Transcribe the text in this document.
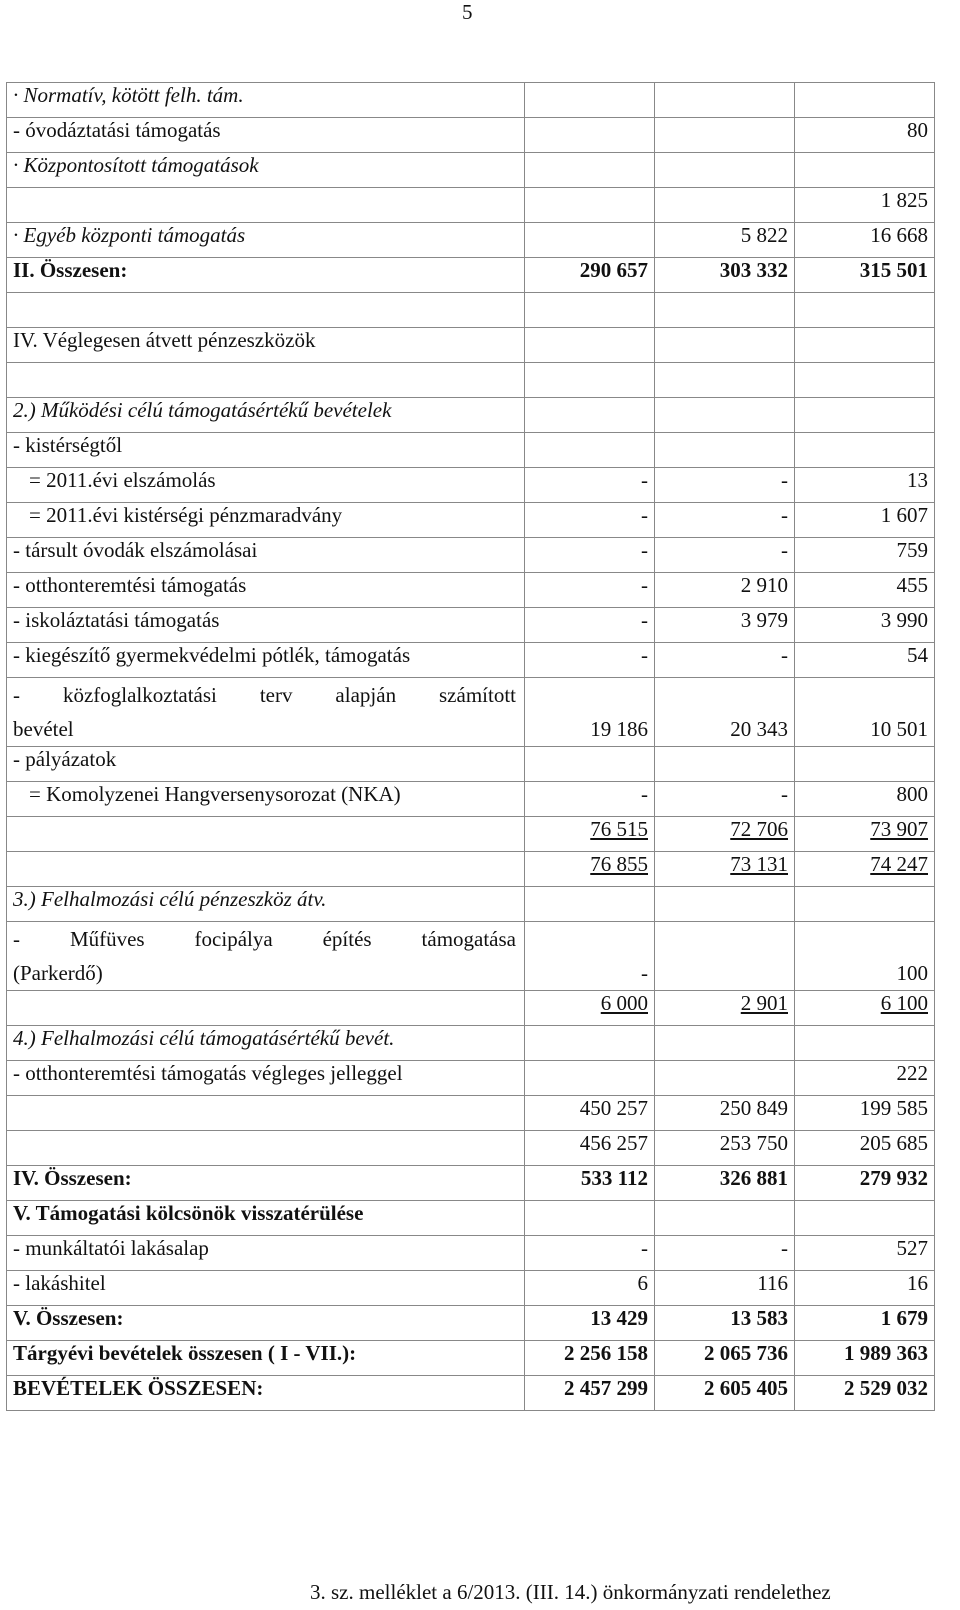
5
· Normatív, kötött felh. tám.			
- óvodáztatási támogatás			80
· Központosított támogatások			
			1 825
· Egyéb központi támogatás		5 822	16 668
II. Összesen:	290 657	303 332	315 501

IV. Véglegesen átvett pénzeszközök			

2.) Működési célú támogatásértékű bevételek			
- kistérségtől			
= 2011.évi elszámolás	-	-	13
= 2011.évi kistérségi pénzmaradvány	-	-	1 607
- társult óvodák elszámolásai	-	-	759
- otthonteremtési támogatás	-	2 910	455
- iskoláztatási támogatás	-	3 979	3 990
- kiegészítő gyermekvédelmi pótlék, támogatás	-	-	54

- közfoglalkoztatási terv alapján számított
bevétel	19 186	20 343	10 501

- pályázatok			
= Komolyzenei Hangversenysorozat (NKA)	-	-	800
	76 515	72 706	73 907
	76 855	73 131	74 247
3.) Felhalmozási célú pénzeszköz átv.			

- Műfüves focipálya építés támogatása
(Parkerdő)	-		100

	6 000	2 901	6 100
4.) Felhalmozási célú támogatásértékű bevét.			
- otthonteremtési támogatás végleges jelleggel			222
	450 257	250 849	199 585
	456 257	253 750	205 685
IV. Összesen:	533 112	326 881	279 932
V. Támogatási kölcsönök visszatérülése			
- munkáltatói lakásalap	-	-	527
- lakáshitel	6	116	16
V. Összesen:	13 429	13 583	1 679
Tárgyévi bevételek összesen ( I - VII.):	2 256 158	2 065 736	1 989 363
BEVÉTELEK ÖSSZESEN:	2 457 299	2 605 405	2 529 032
3. sz. melléklet a 6/2013. (III. 14.) önkormányzati rendelethez
